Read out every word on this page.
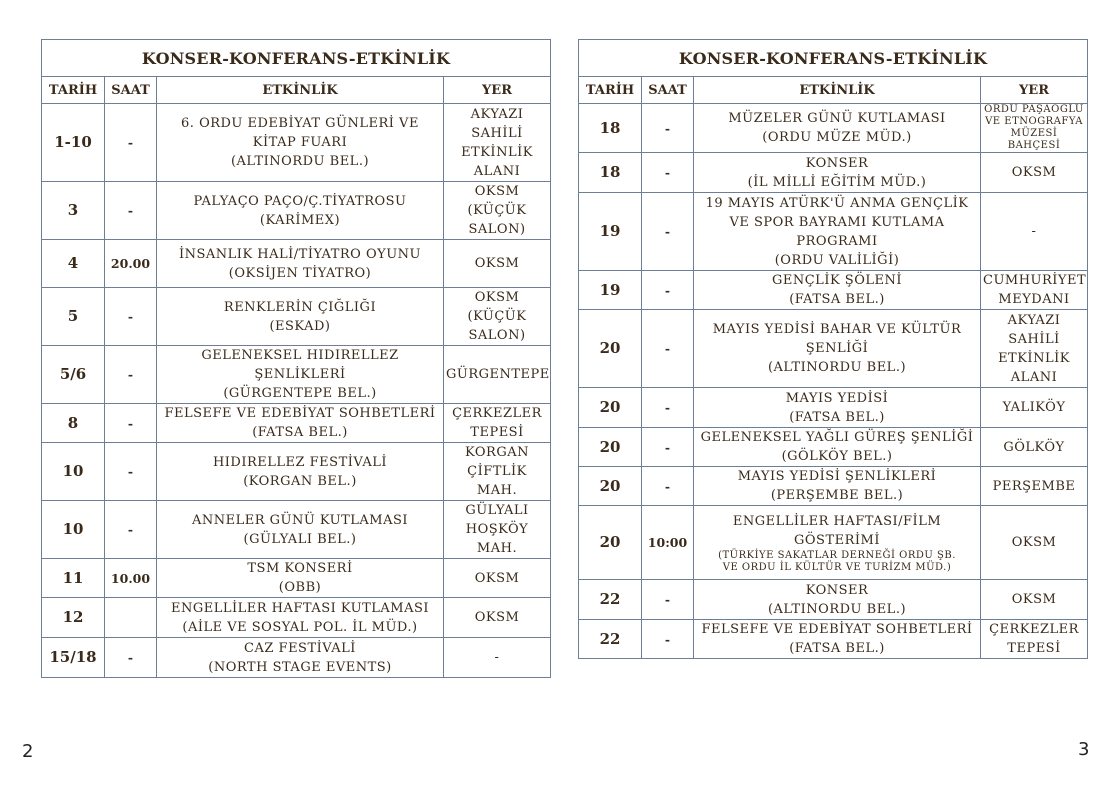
KONSER-KONFERANS-ETKİNLİK			
TARİH	SAAT	ETKİNLİK	YER
1-10	-	6. ORDU EDEBİYAT GÜNLERİ VE
KİTAP FUARI
(ALTINORDU BEL.)	AKYAZI
SAHİLİ
ETKİNLİK
ALANI

3	-	PALYAÇO PAÇO/Ç.TİYATROSU
(KARİMEX)	OKSM
(KÜÇÜK
SALON)

4	20.00	İNSANLIK HALİ/TİYATRO OYUNU
(OKSİJEN TİYATRO)	OKSM

5	-	RENKLERİN ÇIĞLIĞI
(ESKAD)	OKSM
(KÜÇÜK
SALON)

5/6	-	GELENEKSEL HIDIRELLEZ
ŞENLİKLERİ
(GÜRGENTEPE BEL.)	GÜRGENTEPE

8	-	FELSEFE VE EDEBİYAT SOHBETLERİ
(FATSA BEL.)	ÇERKEZLER
TEPESİ

10	-	HIDIRELLEZ FESTİVALİ
(KORGAN BEL.)	KORGAN
ÇİFTLİK
MAH.

10	-	ANNELER GÜNÜ KUTLAMASI
(GÜLYALI BEL.)	GÜLYALI
HOŞKÖY
MAH.

11	10.00	TSM KONSERİ
(OBB)	OKSM

12		ENGELLİLER HAFTASI KUTLAMASI
(AİLE VE SOSYAL POL. İL MÜD.)	OKSM

15/18	-	CAZ FESTİVALİ
(NORTH STAGE EVENTS)	-
KONSER-KONFERANS-ETKİNLİK			
TARİH	SAAT	ETKİNLİK	YER
18	-	MÜZELER GÜNÜ KUTLAMASI
(ORDU MÜZE MÜD.)	ORDU PAŞAOĞLU
VE ETNOGRAFYA
MÜZESİ BAHÇESİ

18	-	KONSER
(İL MİLLİ EĞİTİM MÜD.)	OKSM

19	-	19 MAYIS ATÜRK'Ü ANMA GENÇLİK
VE SPOR BAYRAMI KUTLAMA
PROGRAMI
(ORDU VALİLİĞİ)	-

19	-	GENÇLİK ŞÖLENİ
(FATSA BEL.)	CUMHURİYET
MEYDANI

20	-	MAYIS YEDİSİ BAHAR VE KÜLTÜR
ŞENLİĞİ
(ALTINORDU BEL.)	AKYAZI
SAHİLİ
ETKİNLİK
ALANI

20	-	MAYIS YEDİSİ
(FATSA BEL.)	YALIKÖY

20	-	GELENEKSEL YAĞLI GÜREŞ ŞENLİĞİ
(GÖLKÖY BEL.)	GÖLKÖY

20	-	MAYIS YEDİSİ ŞENLİKLERİ
(PERŞEMBE BEL.)	PERŞEMBE

20	10:00	ENGELLİLER HAFTASI/FİLM
GÖSTERİMİ
(TÜRKİYE SAKATLAR DERNEĞİ ORDU ŞB.
VE ORDU İL KÜLTÜR VE TURİZM MÜD.)	OKSM

22	-	KONSER
(ALTINORDU BEL.)	OKSM

22	-	FELSEFE VE EDEBİYAT SOHBETLERİ
(FATSA BEL.)	ÇERKEZLER
TEPESİ
2	3
